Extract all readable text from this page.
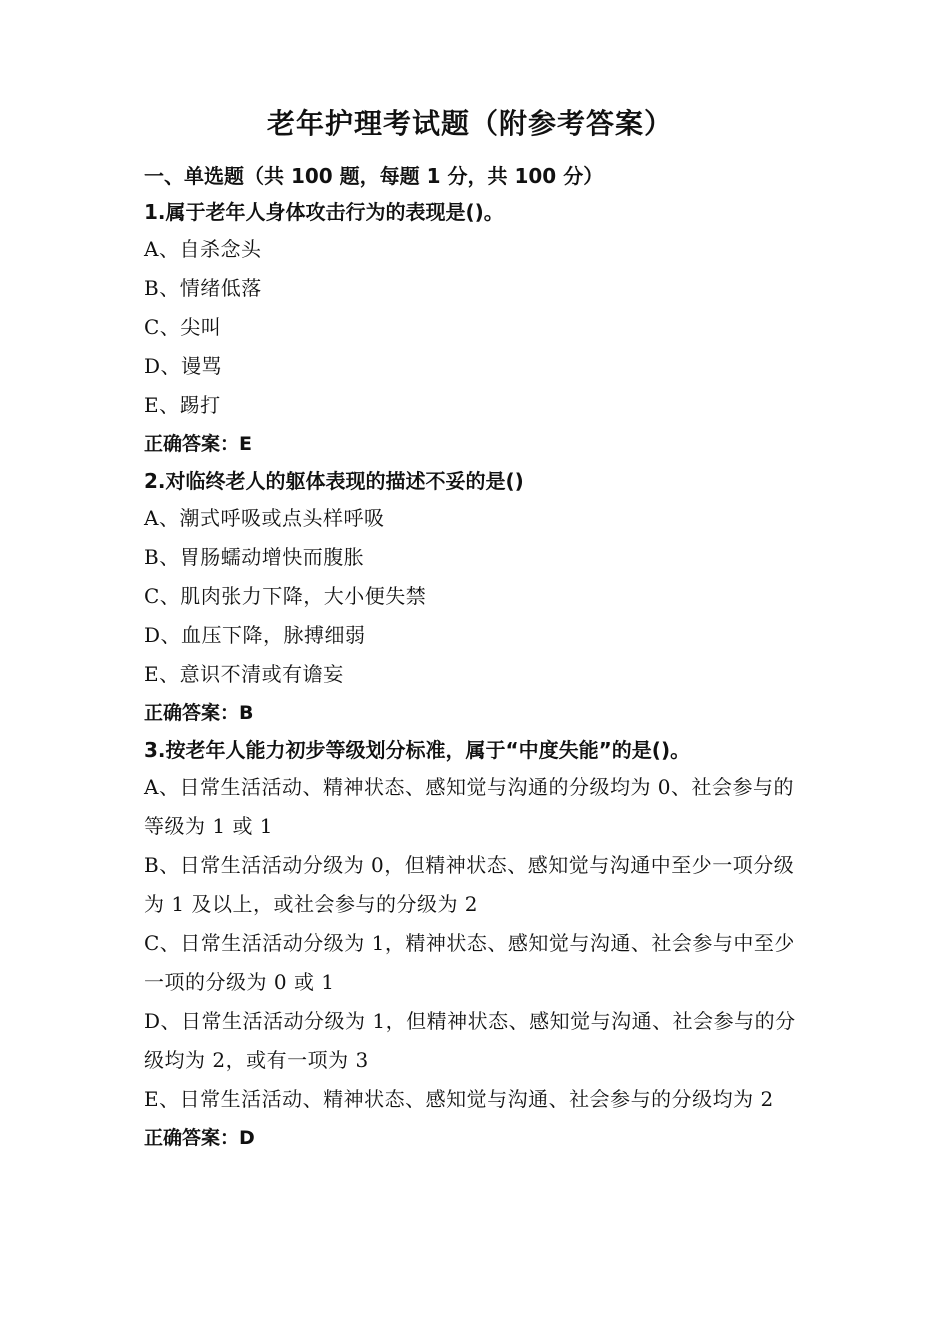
老年护理考试题（附参考答案）
一、单选题（共 100 题，每题 1 分，共 100 分）
1.属于老年人身体攻击行为的表现是()。
A、自杀念头
B、情绪低落
C、尖叫
D、谩骂
E、踢打
正确答案：E
2.对临终老人的躯体表现的描述不妥的是()
A、潮式呼吸或点头样呼吸
B、胃肠蠕动增快而腹胀
C、肌肉张力下降，大小便失禁
D、血压下降，脉搏细弱
E、意识不清或有谵妄
正确答案：B
3.按老年人能力初步等级划分标准，属于“中度失能”的是()。
A、日常生活活动、精神状态、感知觉与沟通的分级均为 0、社会参与的等级为 1 或 1
B、日常生活活动分级为 0，但精神状态、感知觉与沟通中至少一项分级为 1 及以上，或社会参与的分级为 2
C、日常生活活动分级为 1，精神状态、感知觉与沟通、社会参与中至少一项的分级为 0 或 1
D、日常生活活动分级为 1，但精神状态、感知觉与沟通、社会参与的分级均为 2，或有一项为 3
E、日常生活活动、精神状态、感知觉与沟通、社会参与的分级均为 2
正确答案：D
